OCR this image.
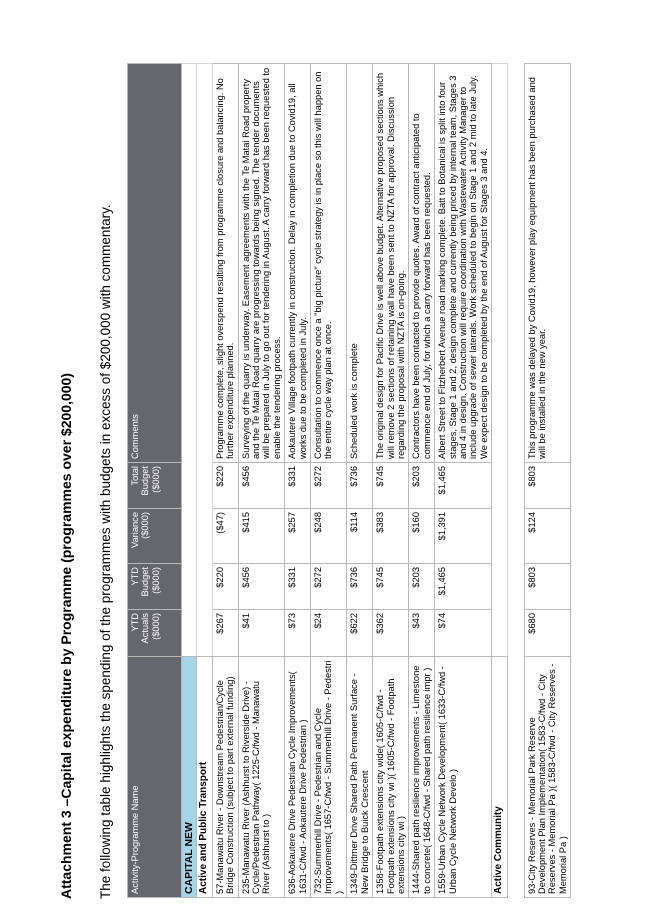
Attachment 3 –Capital expenditure by Programme (programmes over $200,000) The following table highlights the spending of the programmes with budgets in excess of $200,000 with commentary. Activity-Programme Name	YTD Actuals ($000)	YTD Budget ($000)	Variance ($000)	Total Budget ($000)	Comments
CAPITAL NEW					
Active and Public Transport					
57-Manawatu River - Downstream Pedestrian/Cycle Bridge Construction (subject to part external funding)	$267	$220	($47)	$220	Programme complete, slight overspend resulting from programme closure and balancing. No further expenditure planned.
235-Manawatu River (Ashhurst to Riverside Drive) - Cycle/Pedestrian Pathway( 1225-C/fwd - Manawatu River (Ashhurst to )	$41	$456	$415	$456	Surveying of the quarry is underway. Easement agreements with the Te Matai Road property and the Te Matai Road quarry are progressing towards being signed. The tender documents will be prepared in July to go out for tendering in August. A carry forward has been requested to enable the tendering process.
636-Aokautere Drive Pedestrian Cycle Improvements( 1631-C/fwd - Aokautere Drive Pedestrian )	$73	$331	$257	$331	Aokautere Village footpath currently in construction. Delay in completion due to Covid19, all works due to be completed in July.
732-Summerhill Drive - Pedestrian and Cycle Improvements( 1657-C/fwd - Summerhill Drive - Pedestri )	$24	$272	$248	$272	Consultation to commence once a "big picture" cycle strategy is in place so this will happen on the entire cycle way plan at once.
1349-Dittmer Drive Shared Path Permanent Surface - New Bridge to Buick Crescent	$622	$736	$114	$736	Scheduled work is complete
1358-Footpath extensions city wide( 1605-C/fwd - Footpath extensions city wi )( 1605-C/fwd - Footpath extensions city wi )	$362	$745	$383	$745	The original design for Pacific Drive is well above budget. Alternative proposed sections which will remove 2 sections of retaining wall have been sent to NZTA for approval. Discussion regarding the proposal with NZTA is on-going.
1444-Shared path resilience improvements - Limestone to concrete( 1648-C/fwd - Shared path resilience impr )	$43	$203	$160	$203	Contractors have been contacted to provide quotes. Award of contract anticipated to commence end of July, for which a carry forward has been requested.
1559-Urban Cycle Network Development( 1633-C/fwd - Urban Cycle Network Develo )	$74	$1,465	$1,391	$1,465	Albert Street to Fitzherbert Avenue road marking complete. Batt to Botanical is split into four stages, Stage 1 and 2, design complete and currently being priced by internal team, Stages 3 and 4 in design. Construction will require coordination with Wastewater Activity Manager to include upgrade of sewer laterals. Work scheduled to begin on Stage 1 and 2 mid to late July. We expect design to be completed by the end of August for Stages 3 and 4.
Active Community					

93-City Reserves - Memorial Park Reserve Development Plan Implementation( 1583-C/fwd - City Reserves - Memorial Pa )( 1583-C/fwd - City Reserves - Memorial Pa )	$680	$803	$124	$803	This programme was delayed by Covid19, however play equipment has been purchased and will be installed in the new year.
